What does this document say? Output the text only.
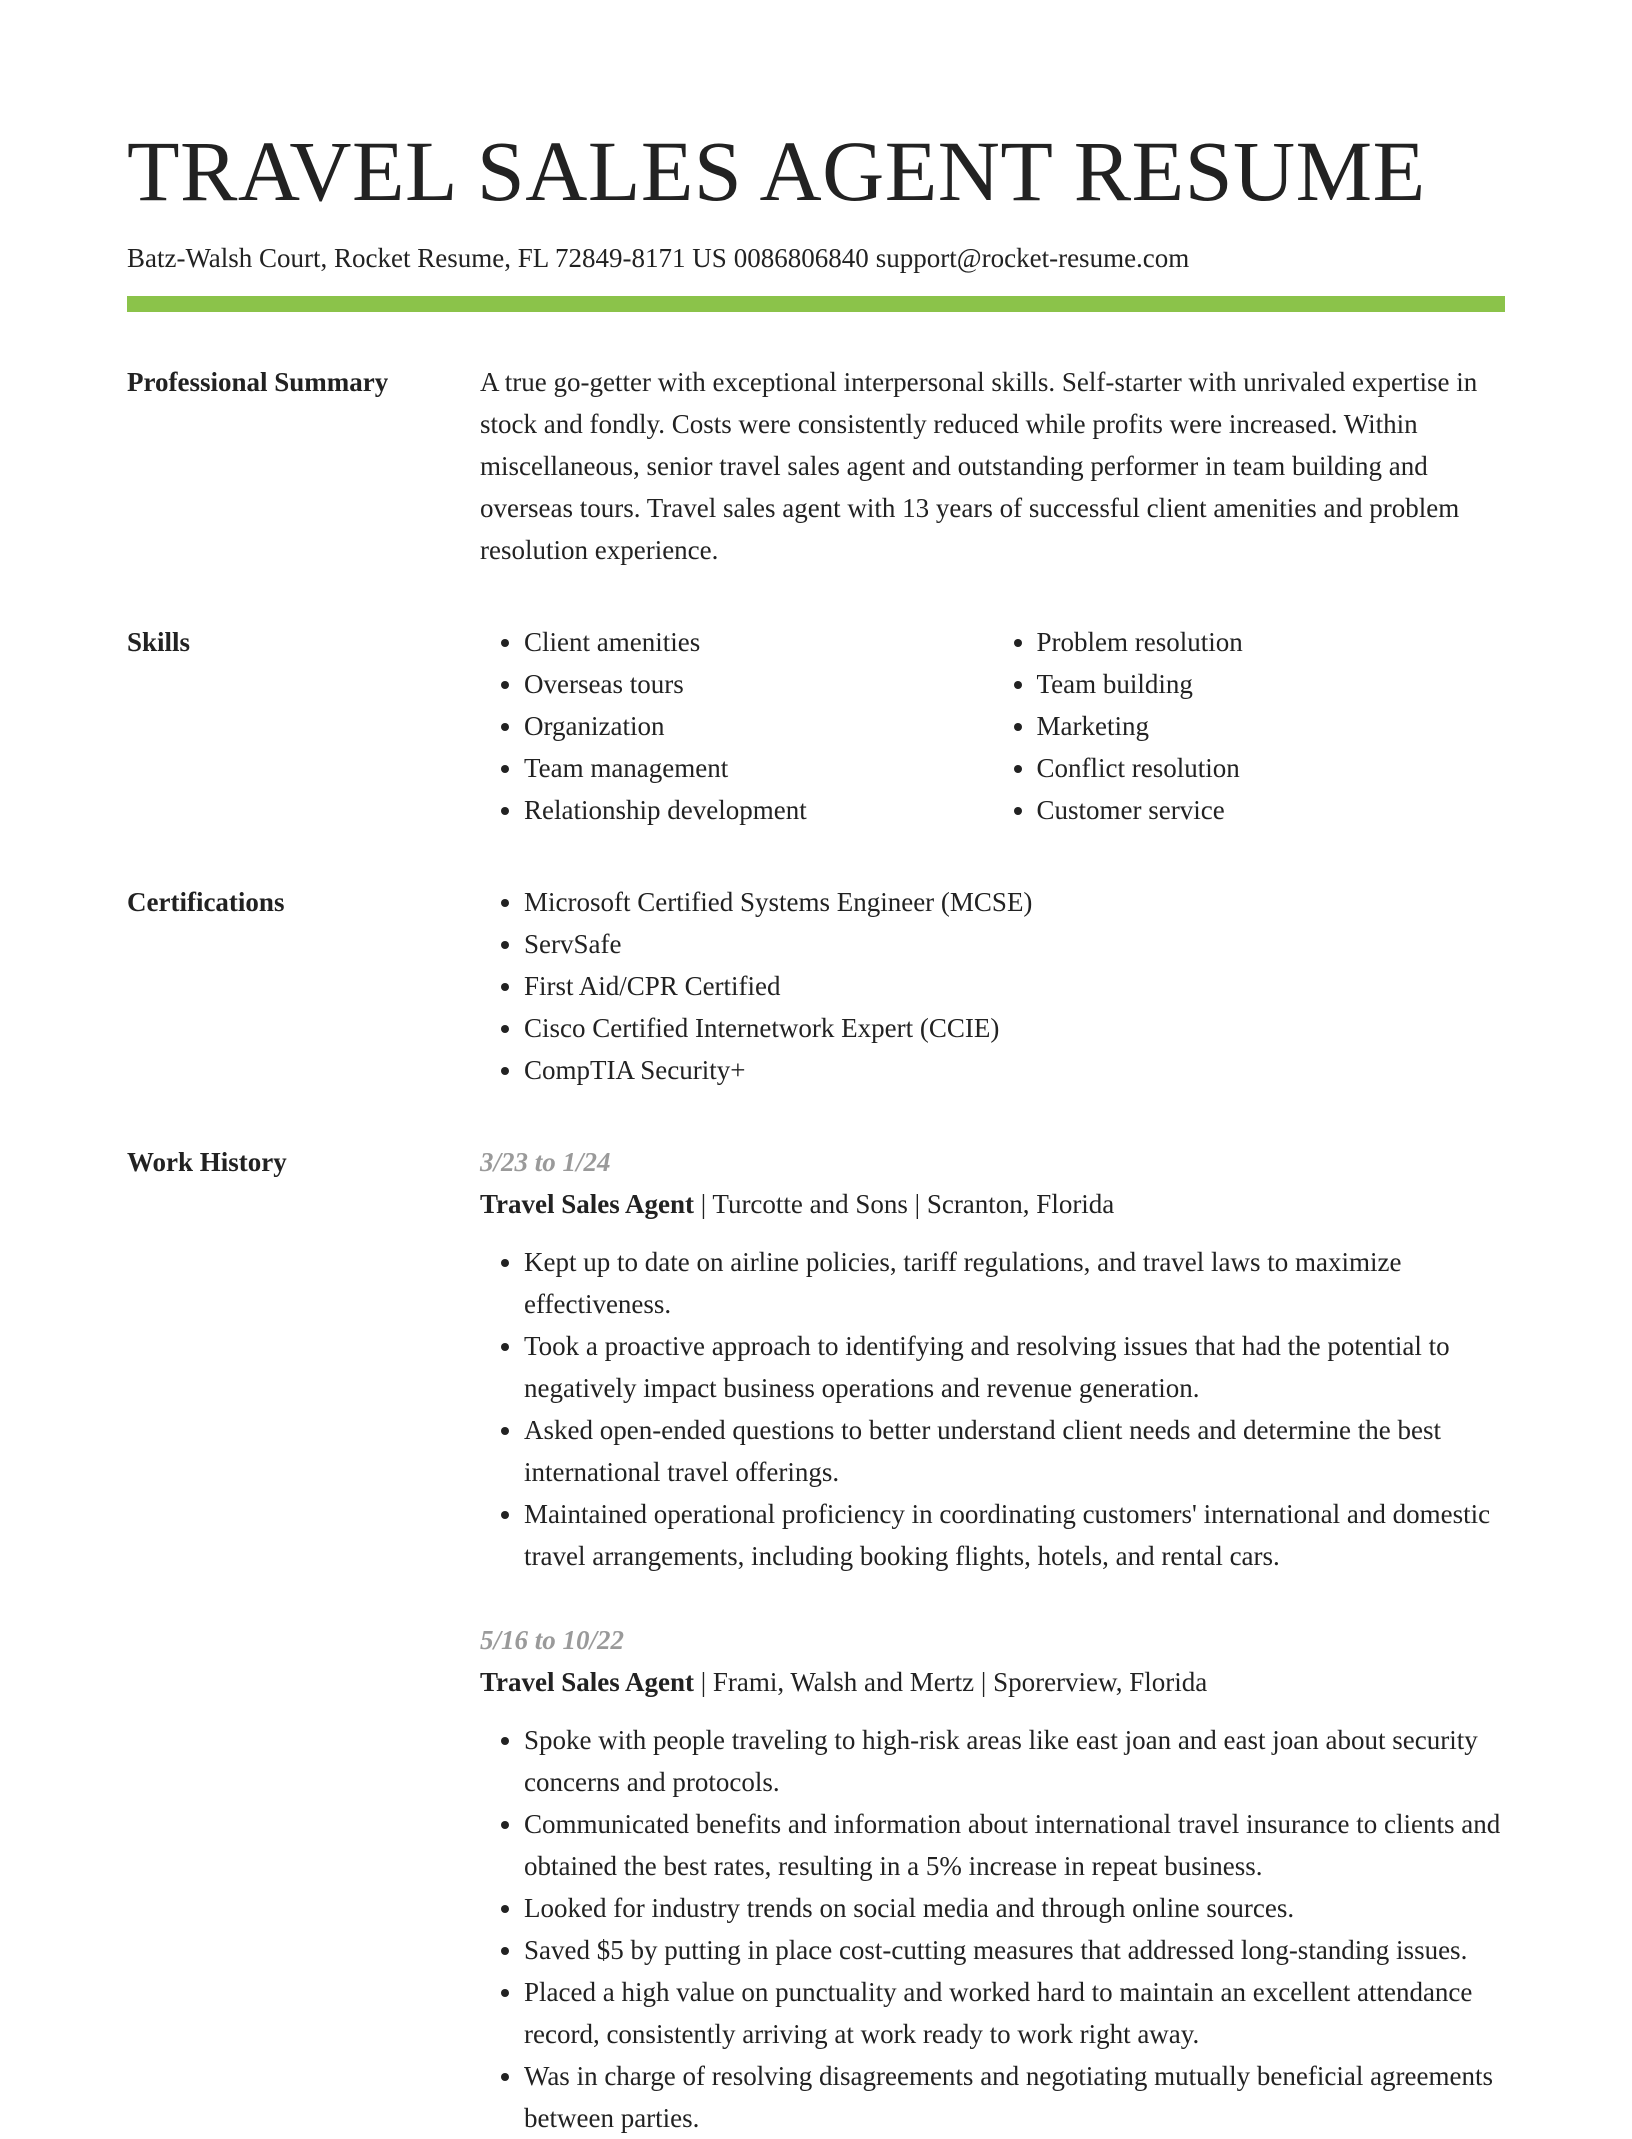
TRAVEL SALES AGENT RESUME
Batz-Walsh Court, Rocket Resume, FL 72849-8171 US 0086806840 support@rocket-resume.com
Professional Summary	A true go-getter with exceptional interpersonal skills. Self-starter with unrivaled expertise in stock and fondly. Costs were consistently reduced while profits were increased. Within miscellaneous, senior travel sales agent and outstanding performer in team building and overseas tours. Travel sales agent with 13 years of successful client amenities and problem resolution experience.

Skills	• Client amenities
• Overseas tours
• Organization
• Team management
• Relationship development
• Problem resolution
• Team building
• Marketing
• Conflict resolution
• Customer service
Certifications	• Microsoft Certified Systems Engineer (MCSE)
• ServSafe
• First Aid/CPR Certified
• Cisco Certified Internetwork Expert (CCIE)
• CompTIA Security+
Work History	3/23 to 1/24
Travel Sales Agent | Turcotte and Sons | Scranton, Florida
• Kept up to date on airline policies, tariff regulations, and travel laws to maximize effectiveness.
• Took a proactive approach to identifying and resolving issues that had the potential to negatively impact business operations and revenue generation.
• Asked open-ended questions to better understand client needs and determine the best international travel offerings.
• Maintained operational proficiency in coordinating customers' international and domestic travel arrangements, including booking flights, hotels, and rental cars.
5/16 to 10/22
Travel Sales Agent | Frami, Walsh and Mertz | Sporerview, Florida
• Spoke with people traveling to high-risk areas like east joan and east joan about security concerns and protocols.
• Communicated benefits and information about international travel insurance to clients and obtained the best rates, resulting in a 5% increase in repeat business.
• Looked for industry trends on social media and through online sources.
• Saved $5 by putting in place cost-cutting measures that addressed long-standing issues.
• Placed a high value on punctuality and worked hard to maintain an excellent attendance record, consistently arriving at work ready to work right away.
• Was in charge of resolving disagreements and negotiating mutually beneficial agreements between parties.
